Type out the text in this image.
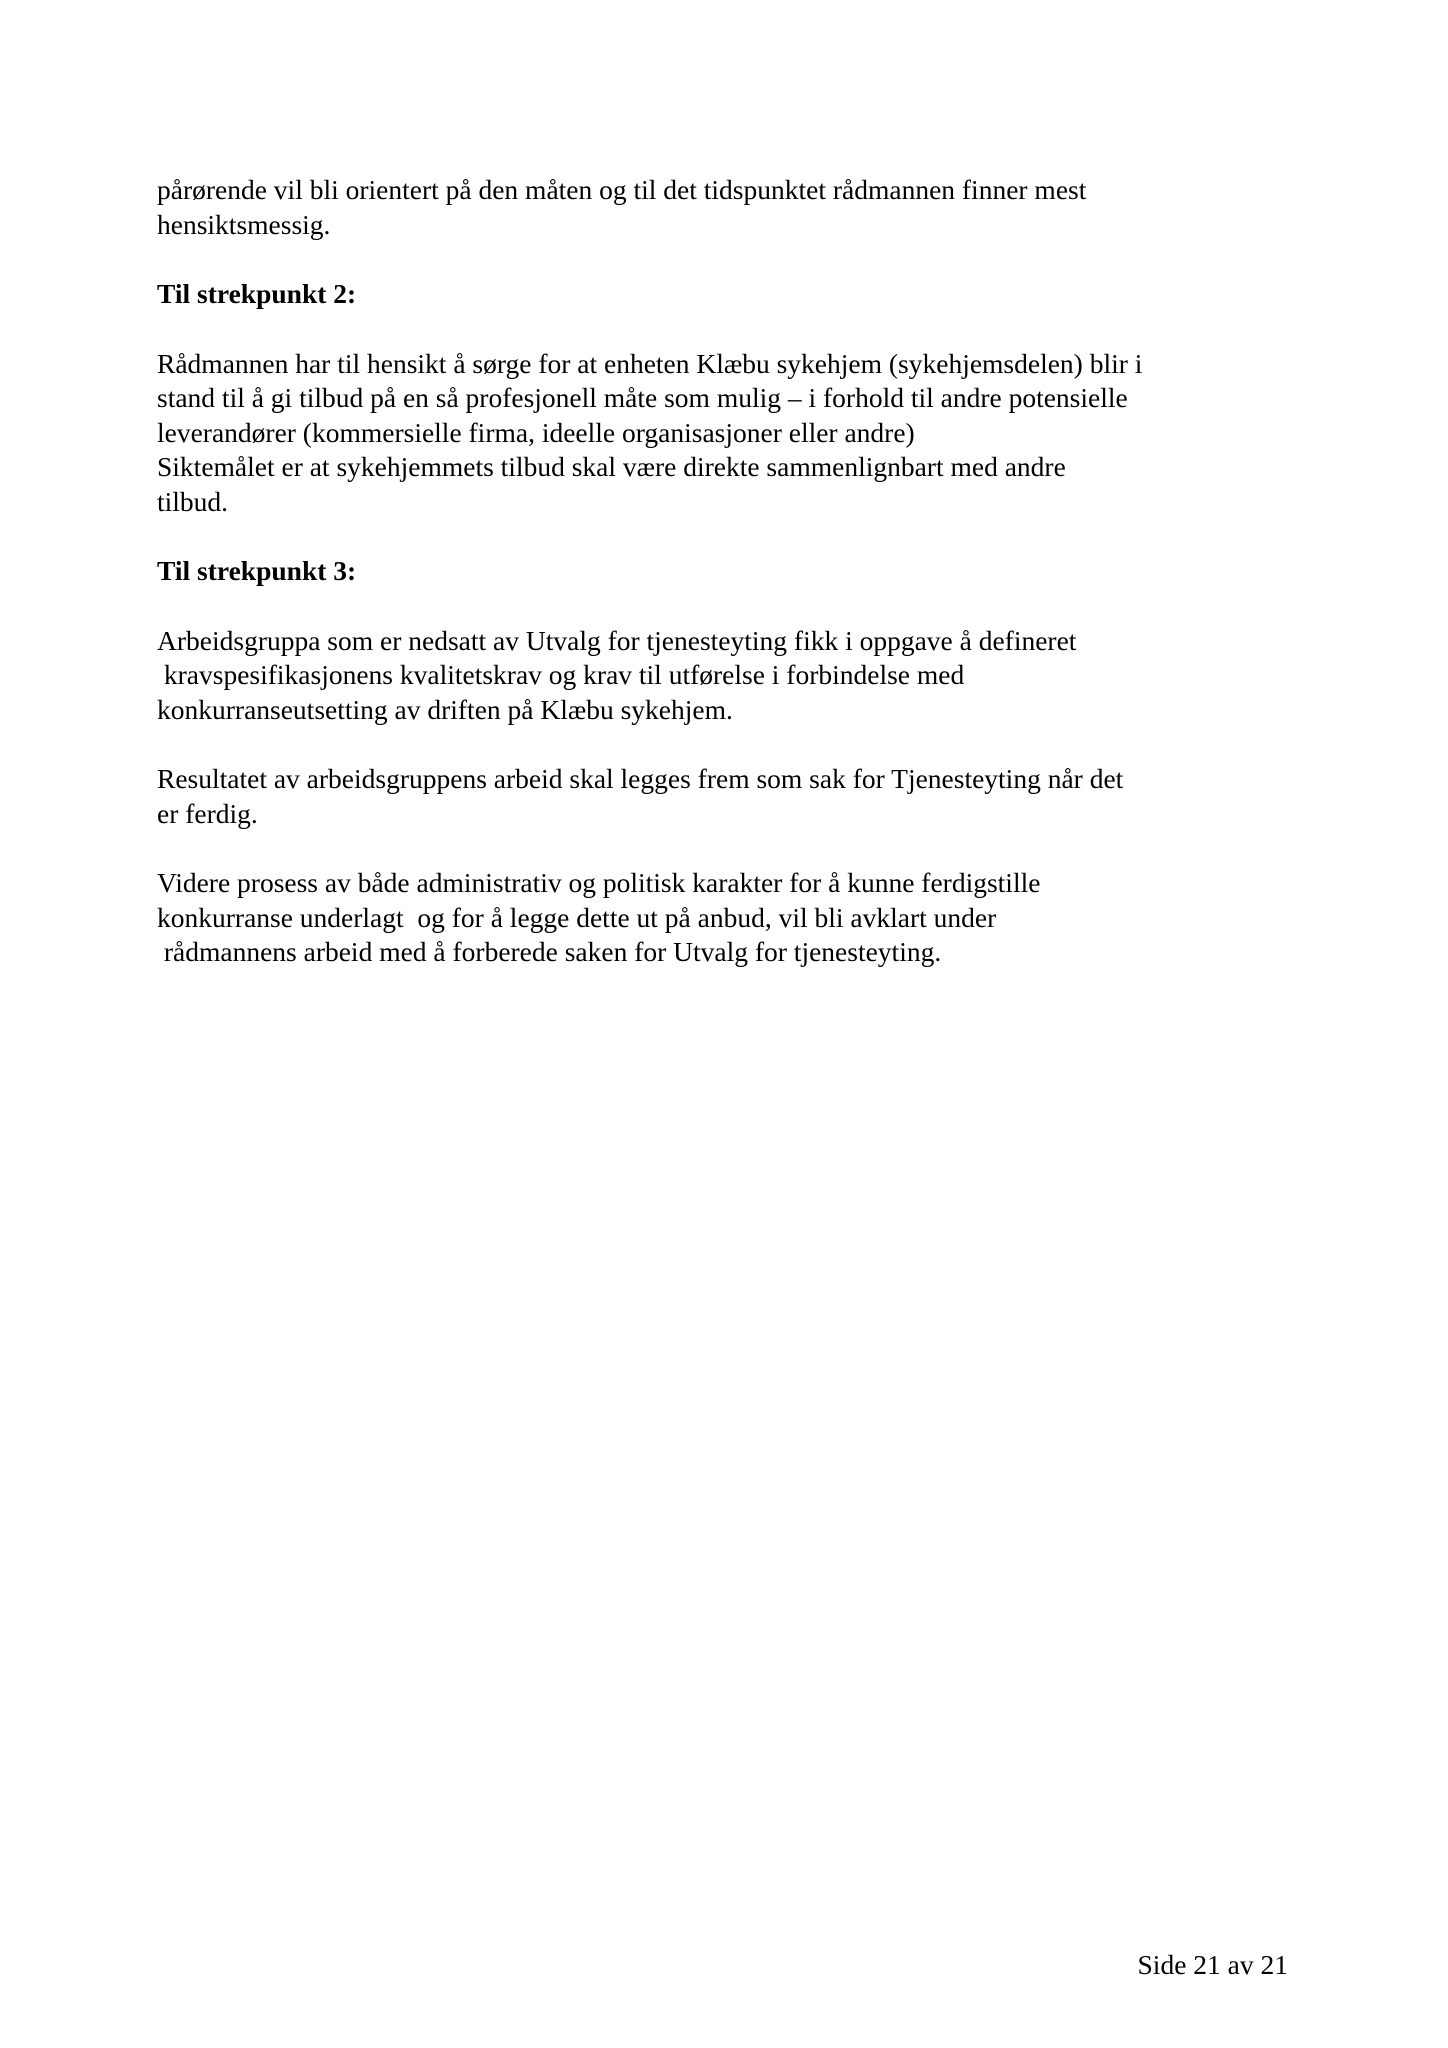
pårørende vil bli orientert på den måten og til det tidspunktet rådmannen finner mest
hensiktsmessig.

Til strekpunkt 2:

Rådmannen har til hensikt å sørge for at enheten Klæbu sykehjem (sykehjemsdelen) blir i
stand til å gi tilbud på en så profesjonell måte som mulig – i forhold til andre potensielle
leverandører (kommersielle firma, ideelle organisasjoner eller andre)
Siktemålet er at sykehjemmets tilbud skal være direkte sammenlignbart med andre
tilbud.

Til strekpunkt 3:

Arbeidsgruppa som er nedsatt av Utvalg for tjenesteyting fikk i oppgave å defineret
kravspesifikasjonens kvalitetskrav og krav til utførelse i forbindelse med
konkurranseutsetting av driften på Klæbu sykehjem.

Resultatet av arbeidsgruppens arbeid skal legges frem som sak for Tjenesteyting når det
er ferdig.

Videre prosess av både administrativ og politisk karakter for å kunne ferdigstille
konkurranse underlagt  og for å legge dette ut på anbud, vil bli avklart under
rådmannens arbeid med å forberede saken for Utvalg for tjenesteyting.

Side 21 av 21
